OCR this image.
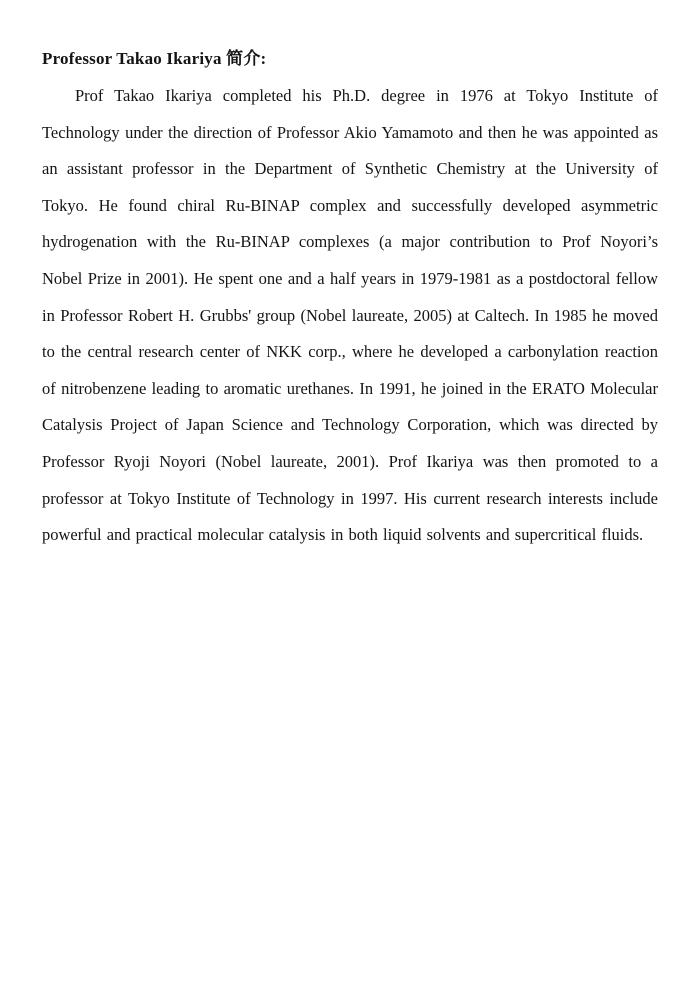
Professor Takao Ikariya 简介:

Prof Takao Ikariya completed his Ph.D. degree in 1976 at Tokyo Institute of Technology under the direction of Professor Akio Yamamoto and then he was appointed as an assistant professor in the Department of Synthetic Chemistry at the University of Tokyo. He found chiral Ru-BINAP complex and successfully developed asymmetric hydrogenation with the Ru-BINAP complexes (a major contribution to Prof Noyori’s Nobel Prize in 2001). He spent one and a half years in 1979-1981 as a postdoctoral fellow in Professor Robert H. Grubbs' group (Nobel laureate, 2005) at Caltech. In 1985 he moved to the central research center of NKK corp., where he developed a carbonylation reaction of nitrobenzene leading to aromatic urethanes. In 1991, he joined in the ERATO Molecular Catalysis Project of Japan Science and Technology Corporation, which was directed by Professor Ryoji Noyori (Nobel laureate, 2001). Prof Ikariya was then promoted to a professor at Tokyo Institute of Technology in 1997. His current research interests include powerful and practical molecular catalysis in both liquid solvents and supercritical fluids.
